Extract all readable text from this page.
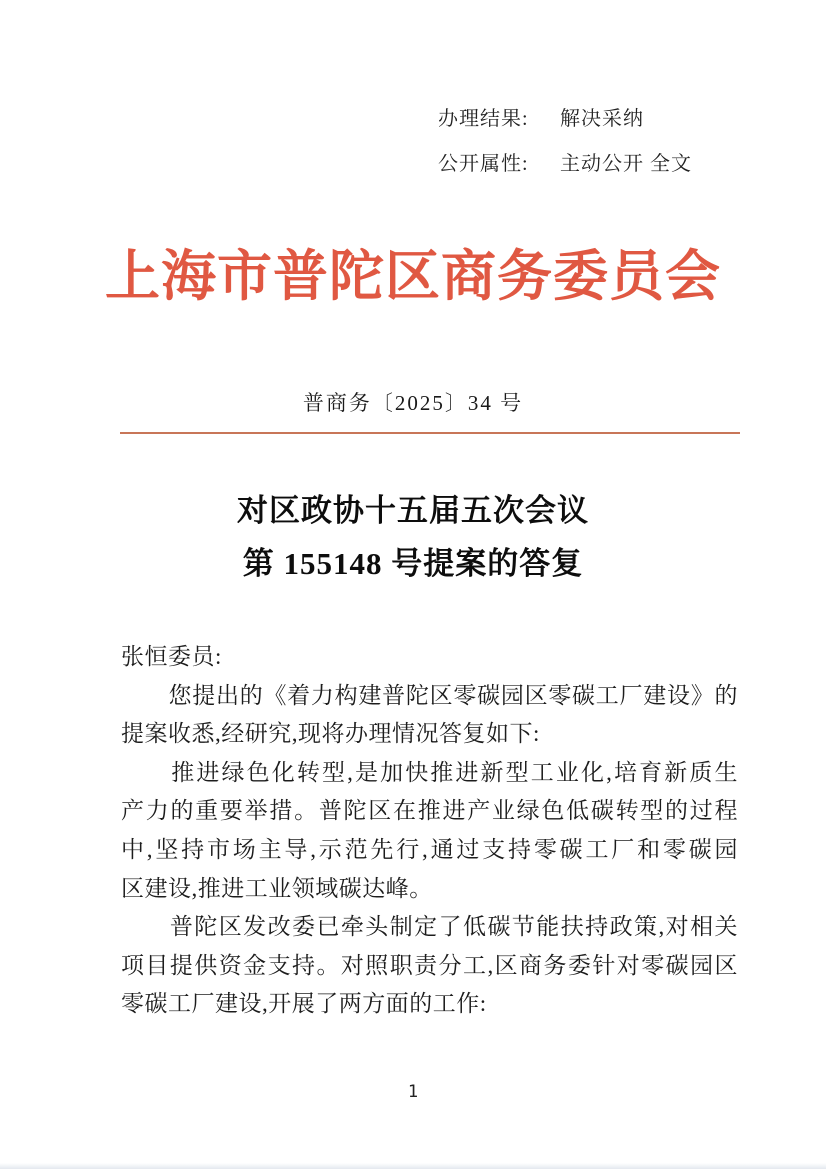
办理结果:	解决采纳
公开属性:	主动公开 全文
上海市普陀区商务委员会
普商务〔2025〕34 号
对区政协十五届五次会议
第 155148 号提案的答复
张恒委员:
　　您提出的《着力构建普陀区零碳园区零碳工厂建设》的
提案收悉,经研究,现将办理情况答复如下:
　　推进绿色化转型,是加快推进新型工业化,培育新质生
产力的重要举措。普陀区在推进产业绿色低碳转型的过程
中,坚持市场主导,示范先行,通过支持零碳工厂和零碳园
区建设,推进工业领域碳达峰。
　　普陀区发改委已牵头制定了低碳节能扶持政策,对相关
项目提供资金支持。对照职责分工,区商务委针对零碳园区
零碳工厂建设,开展了两方面的工作:
1
